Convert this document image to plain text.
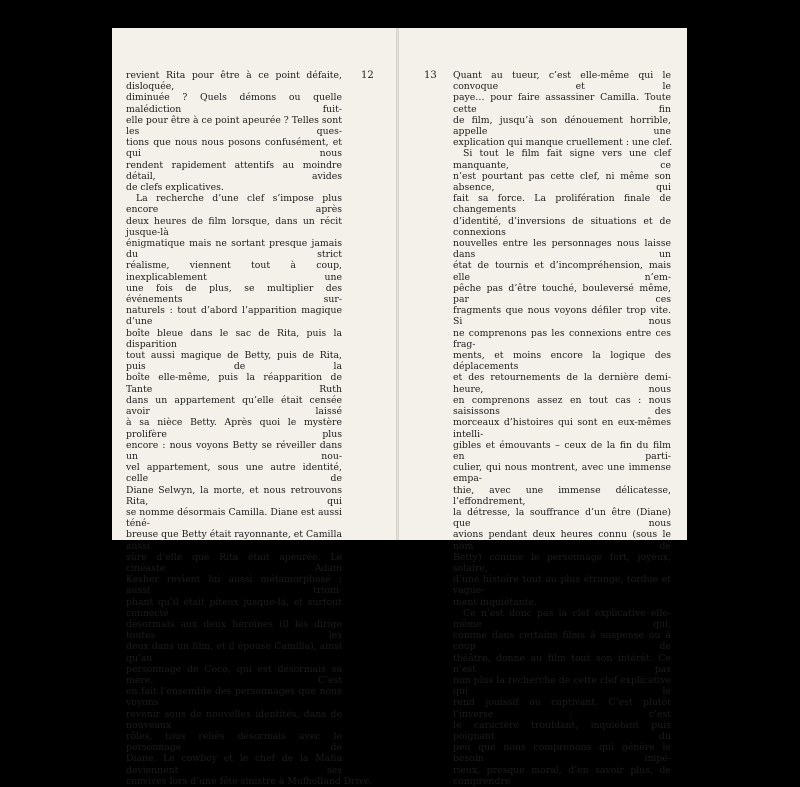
12	13
revient Rita pour être à ce point défaite, disloquée,
diminuée ? Quels démons ou quelle malédiction fuit-
elle pour être à ce point apeurée ? Telles sont les ques-
tions que nous nous posons confusément, et qui nous
rendent rapidement attentifs au moindre détail, avides
de clefs explicatives.
La recherche d’une clef s’impose plus encore après
deux heures de film lorsque, dans un récit jusque-là
énigmatique mais ne sortant presque jamais du strict
réalisme, viennent tout à coup, inexplicablement une
une fois de plus, se multiplier des événements sur-
naturels : tout d’abord l’apparition magique d’une
boîte bleue dans le sac de Rita, puis la disparition
tout aussi magique de Betty, puis de Rita, puis de la
boîte elle-même, puis la réapparition de Tante Ruth
dans un appartement qu’elle était censée avoir laissé
à sa nièce Betty. Après quoi le mystère prolifère plus
encore : nous voyons Betty se réveiller dans un nou-
vel appartement, sous une autre identité, celle de
Diane Selwyn, la morte, et nous retrouvons Rita, qui
se nomme désormais Camilla. Diane est aussi téné-
breuse que Betty était rayonnante, et Camilla aussi
sûre d’elle que Rita était apeurée. Le cinéaste Adam
Kesher revient lui aussi métamorphosé : aussi triom-
phant qu’il était piteux jusque-là, et surtout connecté
désormais aux deux héroïnes (il les dirige toutes les
deux dans un film, et il épouse Camilla), ainsi qu’au
personnage de Coco, qui est désormais sa mère. C’est
en fait l’ensemble des personnages que nous voyons
revenir sous de nouvelles identités, dans de nouveaux
rôles, tous reliés désormais avec le personnage de
Diane. Le cowboy et le chef de la Mafia deviennent ses
convives lors d’une fête sinistre à Mulholland Drive.
Quant au tueur, c’est elle-même qui le convoque et le
paye… pour faire assassiner Camilla. Toute cette fin
de film, jusqu’à son dénouement horrible, appelle une
explication qui manque cruellement : une clef.
Si tout le film fait signe vers une clef manquante, ce
n’est pourtant pas cette clef, ni même son absence, qui
fait sa force. La prolifération finale de changements
d’identité, d’inversions de situations et de connexions
nouvelles entre les personnages nous laisse dans un
état de tournis et d’incompréhension, mais elle n’em-
pêche pas d’être touché, bouleversé même, par ces
fragments que nous voyons défiler trop vite. Si nous
ne comprenons pas les connexions entre ces frag-
ments, et moins encore la logique des déplacements
et des retournements de la dernière demi-heure, nous
en comprenons assez en tout cas : nous saisissons des
morceaux d’histoires qui sont en eux-mêmes intelli-
gibles et émouvants – ceux de la fin du film en parti-
culier, qui nous montrent, avec une immense empa-
thie, avec une immense délicatesse, l’effondrement,
la détresse, la souffrance d’un être (Diane) que nous
avions pendant deux heures connu (sous le nom de
Betty) comme le personnage fort, joyeux, solaire,
d’une histoire tout au plus étrange, tordue et vague-
ment inquiétante.
Ce n’est donc pas la clef explicative elle-même qui,
comme dans certains films à suspense ou à coup de
théâtre, donne au film tout son intérêt. Ce n’est pas
non plus la recherche de cette clef explicative qui le
rend jouissif ou captivant. C’est plutôt l’inverse : c’est
le caractère troublant, inquiétant puis poignant du
peu que nous comprenons qui génère le besoin impé-
rieux, presque moral, d’en savoir plus, de comprendre
